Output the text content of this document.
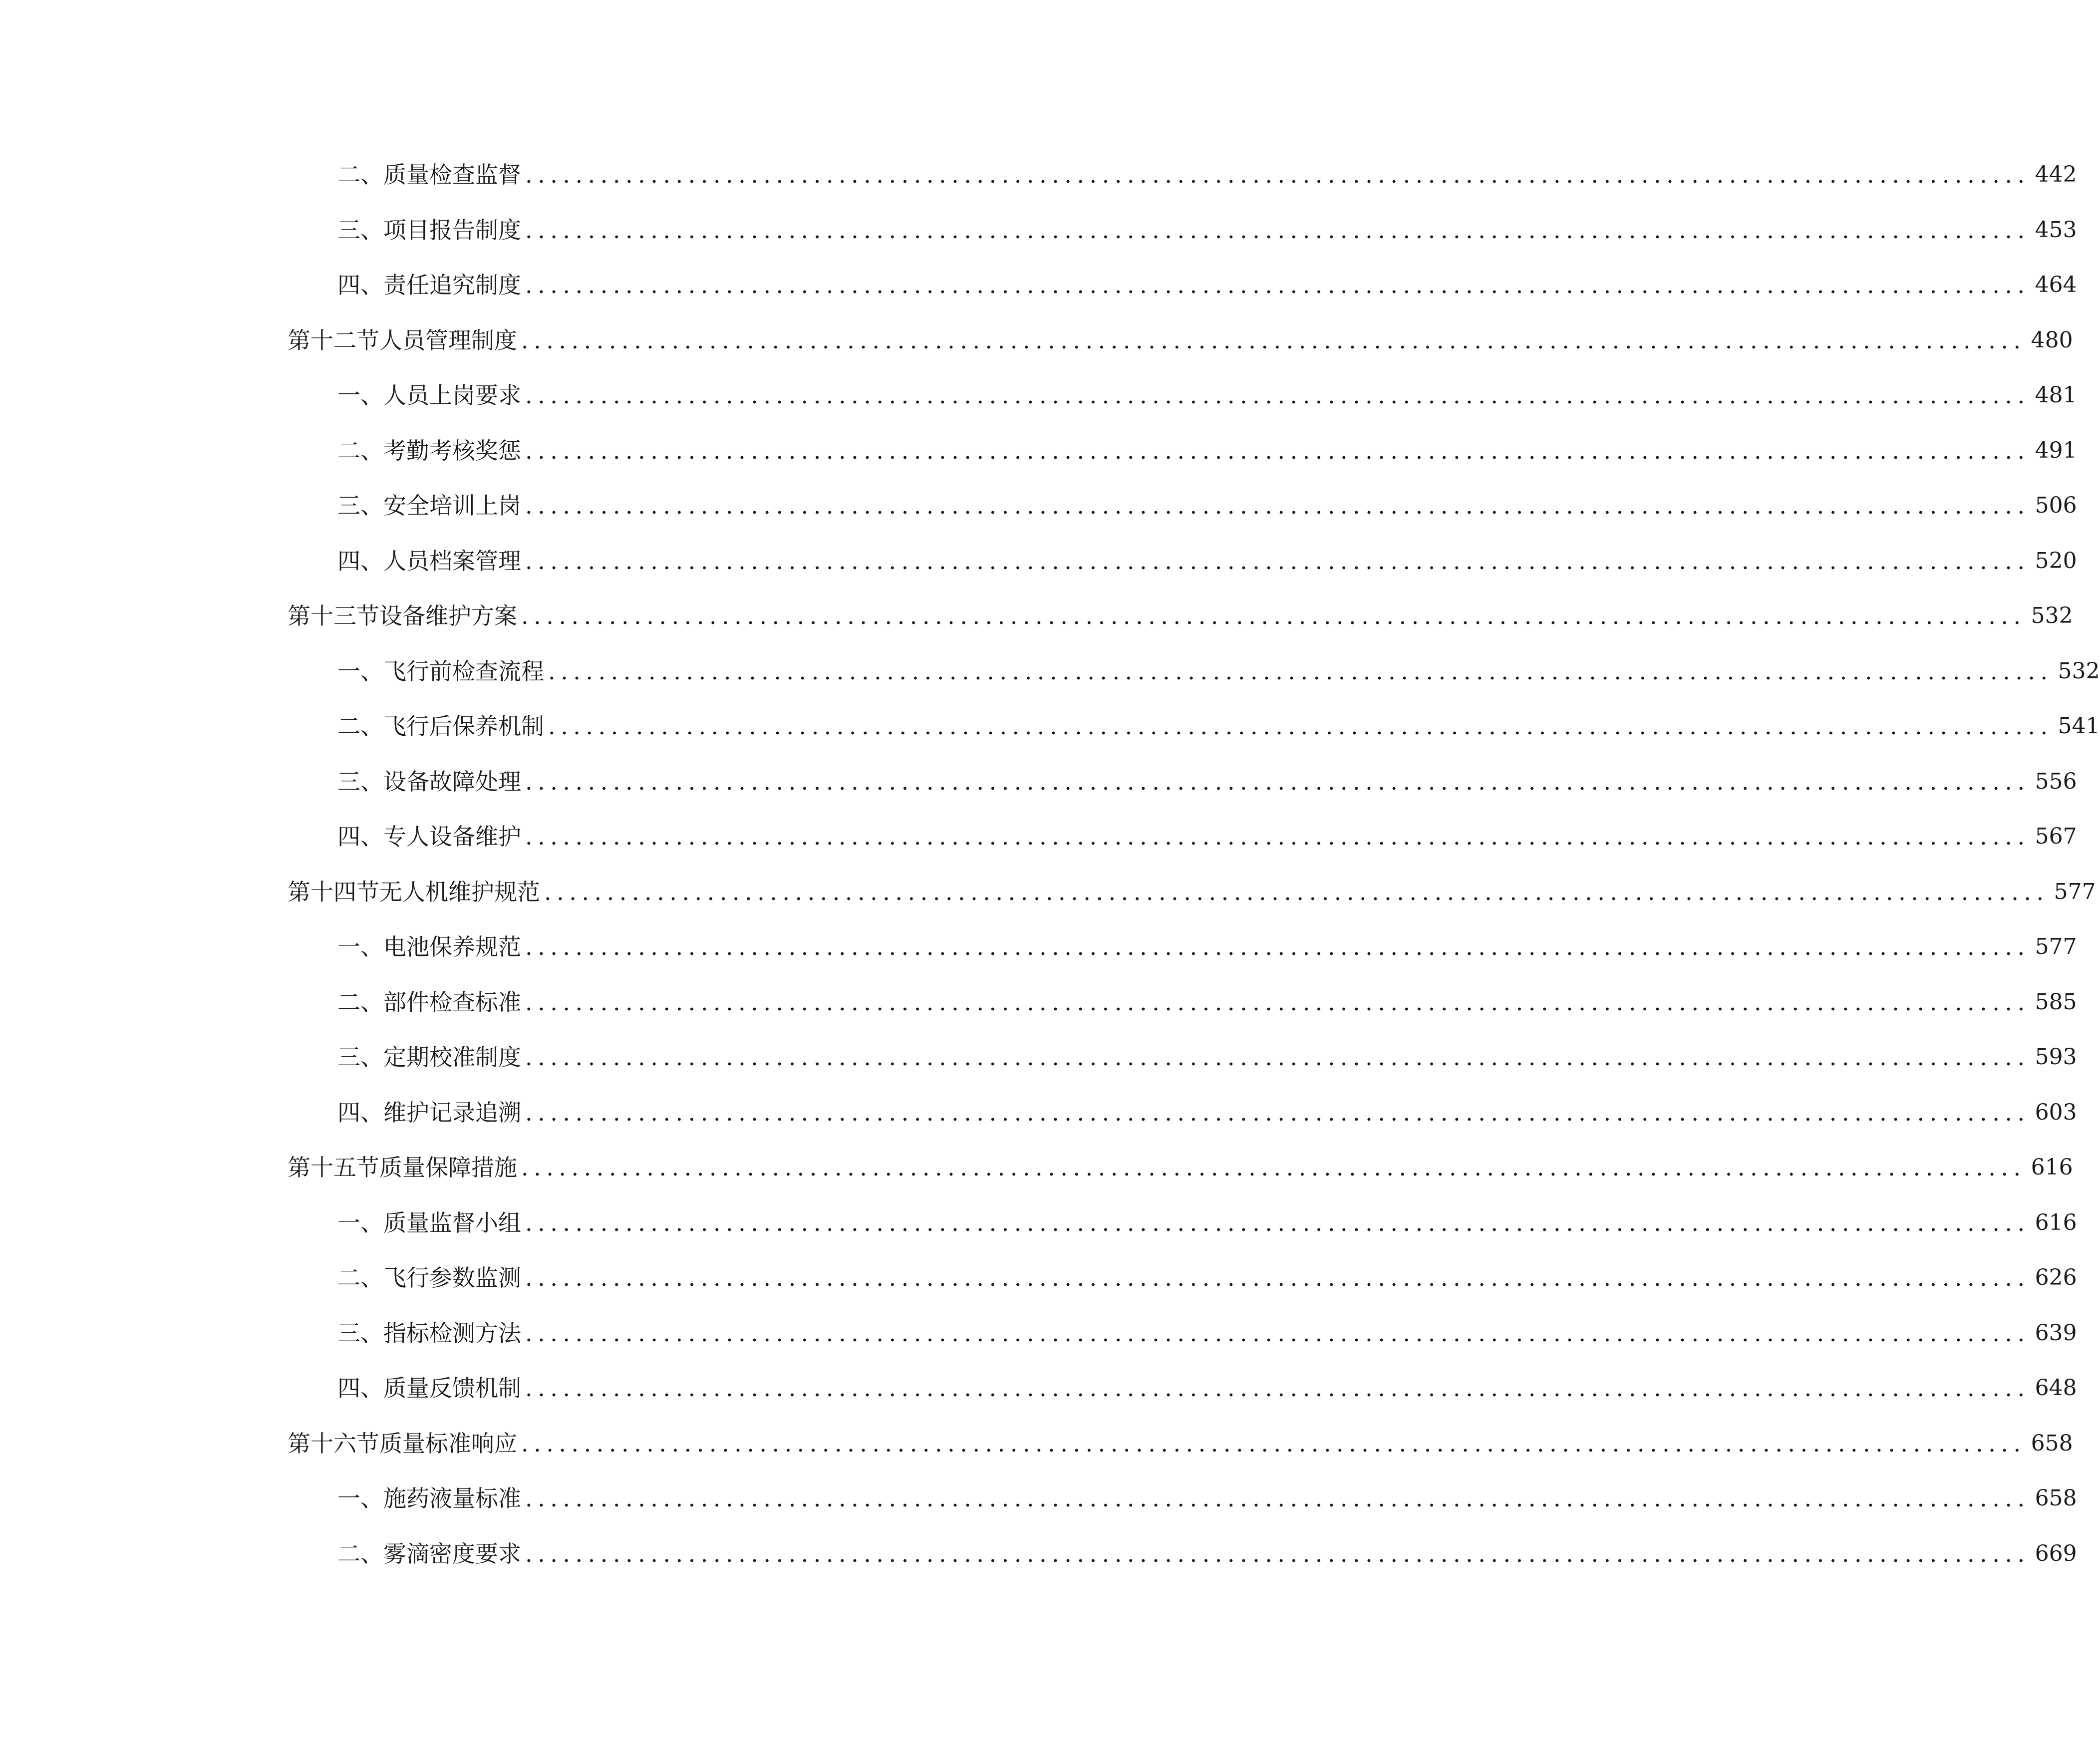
二、 质量检查监督 ........................................................................................................................ 442
三、 项目报告制度 ........................................................................................................................ 453
四、 责任追究制度 ........................................................................................................................ 464
第十二节 人员管理制度 ........................................................................................................................ 480
一、 人员上岗要求 ........................................................................................................................ 481
二、 考勤考核奖惩 ........................................................................................................................ 491
三、 安全培训上岗 ........................................................................................................................ 506
四、 人员档案管理 ........................................................................................................................ 520
第十三节 设备维护方案 ........................................................................................................................ 532
一、 飞行前检查流程 ........................................................................................................................ 532
二、 飞行后保养机制 ........................................................................................................................ 541
三、 设备故障处理 ........................................................................................................................ 556
四、 专人设备维护 ........................................................................................................................ 567
第十四节 无人机维护规范 ........................................................................................................................ 577
一、 电池保养规范 ........................................................................................................................ 577
二、 部件检查标准 ........................................................................................................................ 585
三、 定期校准制度 ........................................................................................................................ 593
四、 维护记录追溯 ........................................................................................................................ 603
第十五节 质量保障措施 ........................................................................................................................ 616
一、 质量监督小组 ........................................................................................................................ 616
二、 飞行参数监测 ........................................................................................................................ 626
三、 指标检测方法 ........................................................................................................................ 639
四、 质量反馈机制 ........................................................................................................................ 648
第十六节 质量标准响应 ........................................................................................................................ 658
一、 施药液量标准 ........................................................................................................................ 658
二、 雾滴密度要求 ........................................................................................................................ 669
